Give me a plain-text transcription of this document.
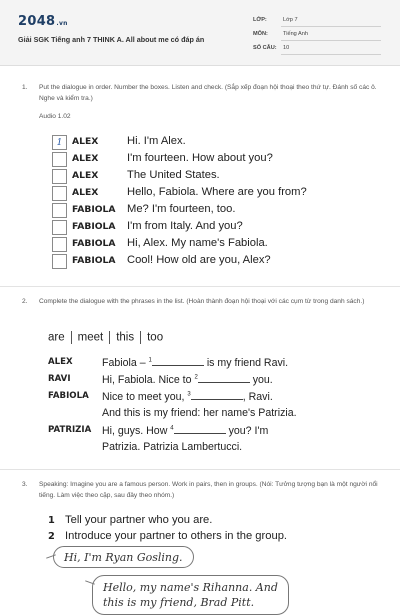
2048.vn
Giải SGK Tiếng anh 7 THINK A. All about me có đáp án
LỚP:	Lớp 7
MÔN:	Tiếng Anh
SỐ CÂU: 10
1. Put the dialogue in order. Number the boxes. Listen and check. (Sắp xếp đoạn hội thoại theo thứ tự. Đánh số các ô. Nghe và kiểm tra.)
Audio 1.02
1	ALEX	Hi. I'm Alex.
ALEX	I'm fourteen. How about you?
ALEX	The United States.
ALEX	Hello, Fabiola. Where are you from?
FABIOLA Me? I'm fourteen, too.
FABIOLA I'm from Italy. And you?
FABIOLA Hi, Alex. My name's Fabiola.
FABIOLA Cool! How old are you, Alex?
2. Complete the dialogue with the phrases in the list. (Hoàn thành đoạn hội thoại với các cụm từ trong danh sách.)
are meet this too
ALEX	Fabiola – $^1$	is my friend Ravi.
RAVI	Hi, Fabiola. Nice to $^2$	you.
FABIOLA Nice to meet you, $^3$	, Ravi.
And this is my friend: her name's Patrizia.
PATRIZIA Hi, guys. How $^4$	you? I'm
Patrizia. Patrizia Lambertucci.
3. Speaking: Imagine you are a famous person. Work in pairs, then in groups. (Nói: Tưởng tượng bạn là một người nổi tiếng. Làm việc theo cặp, sau đây theo nhóm.)
1 Tell your partner who you are.
2 Introduce your partner to others in the group.
Hi, I'm Ryan Gosling.
Hello, my name's Rihanna. And
this is my friend, Brad Pitt.
